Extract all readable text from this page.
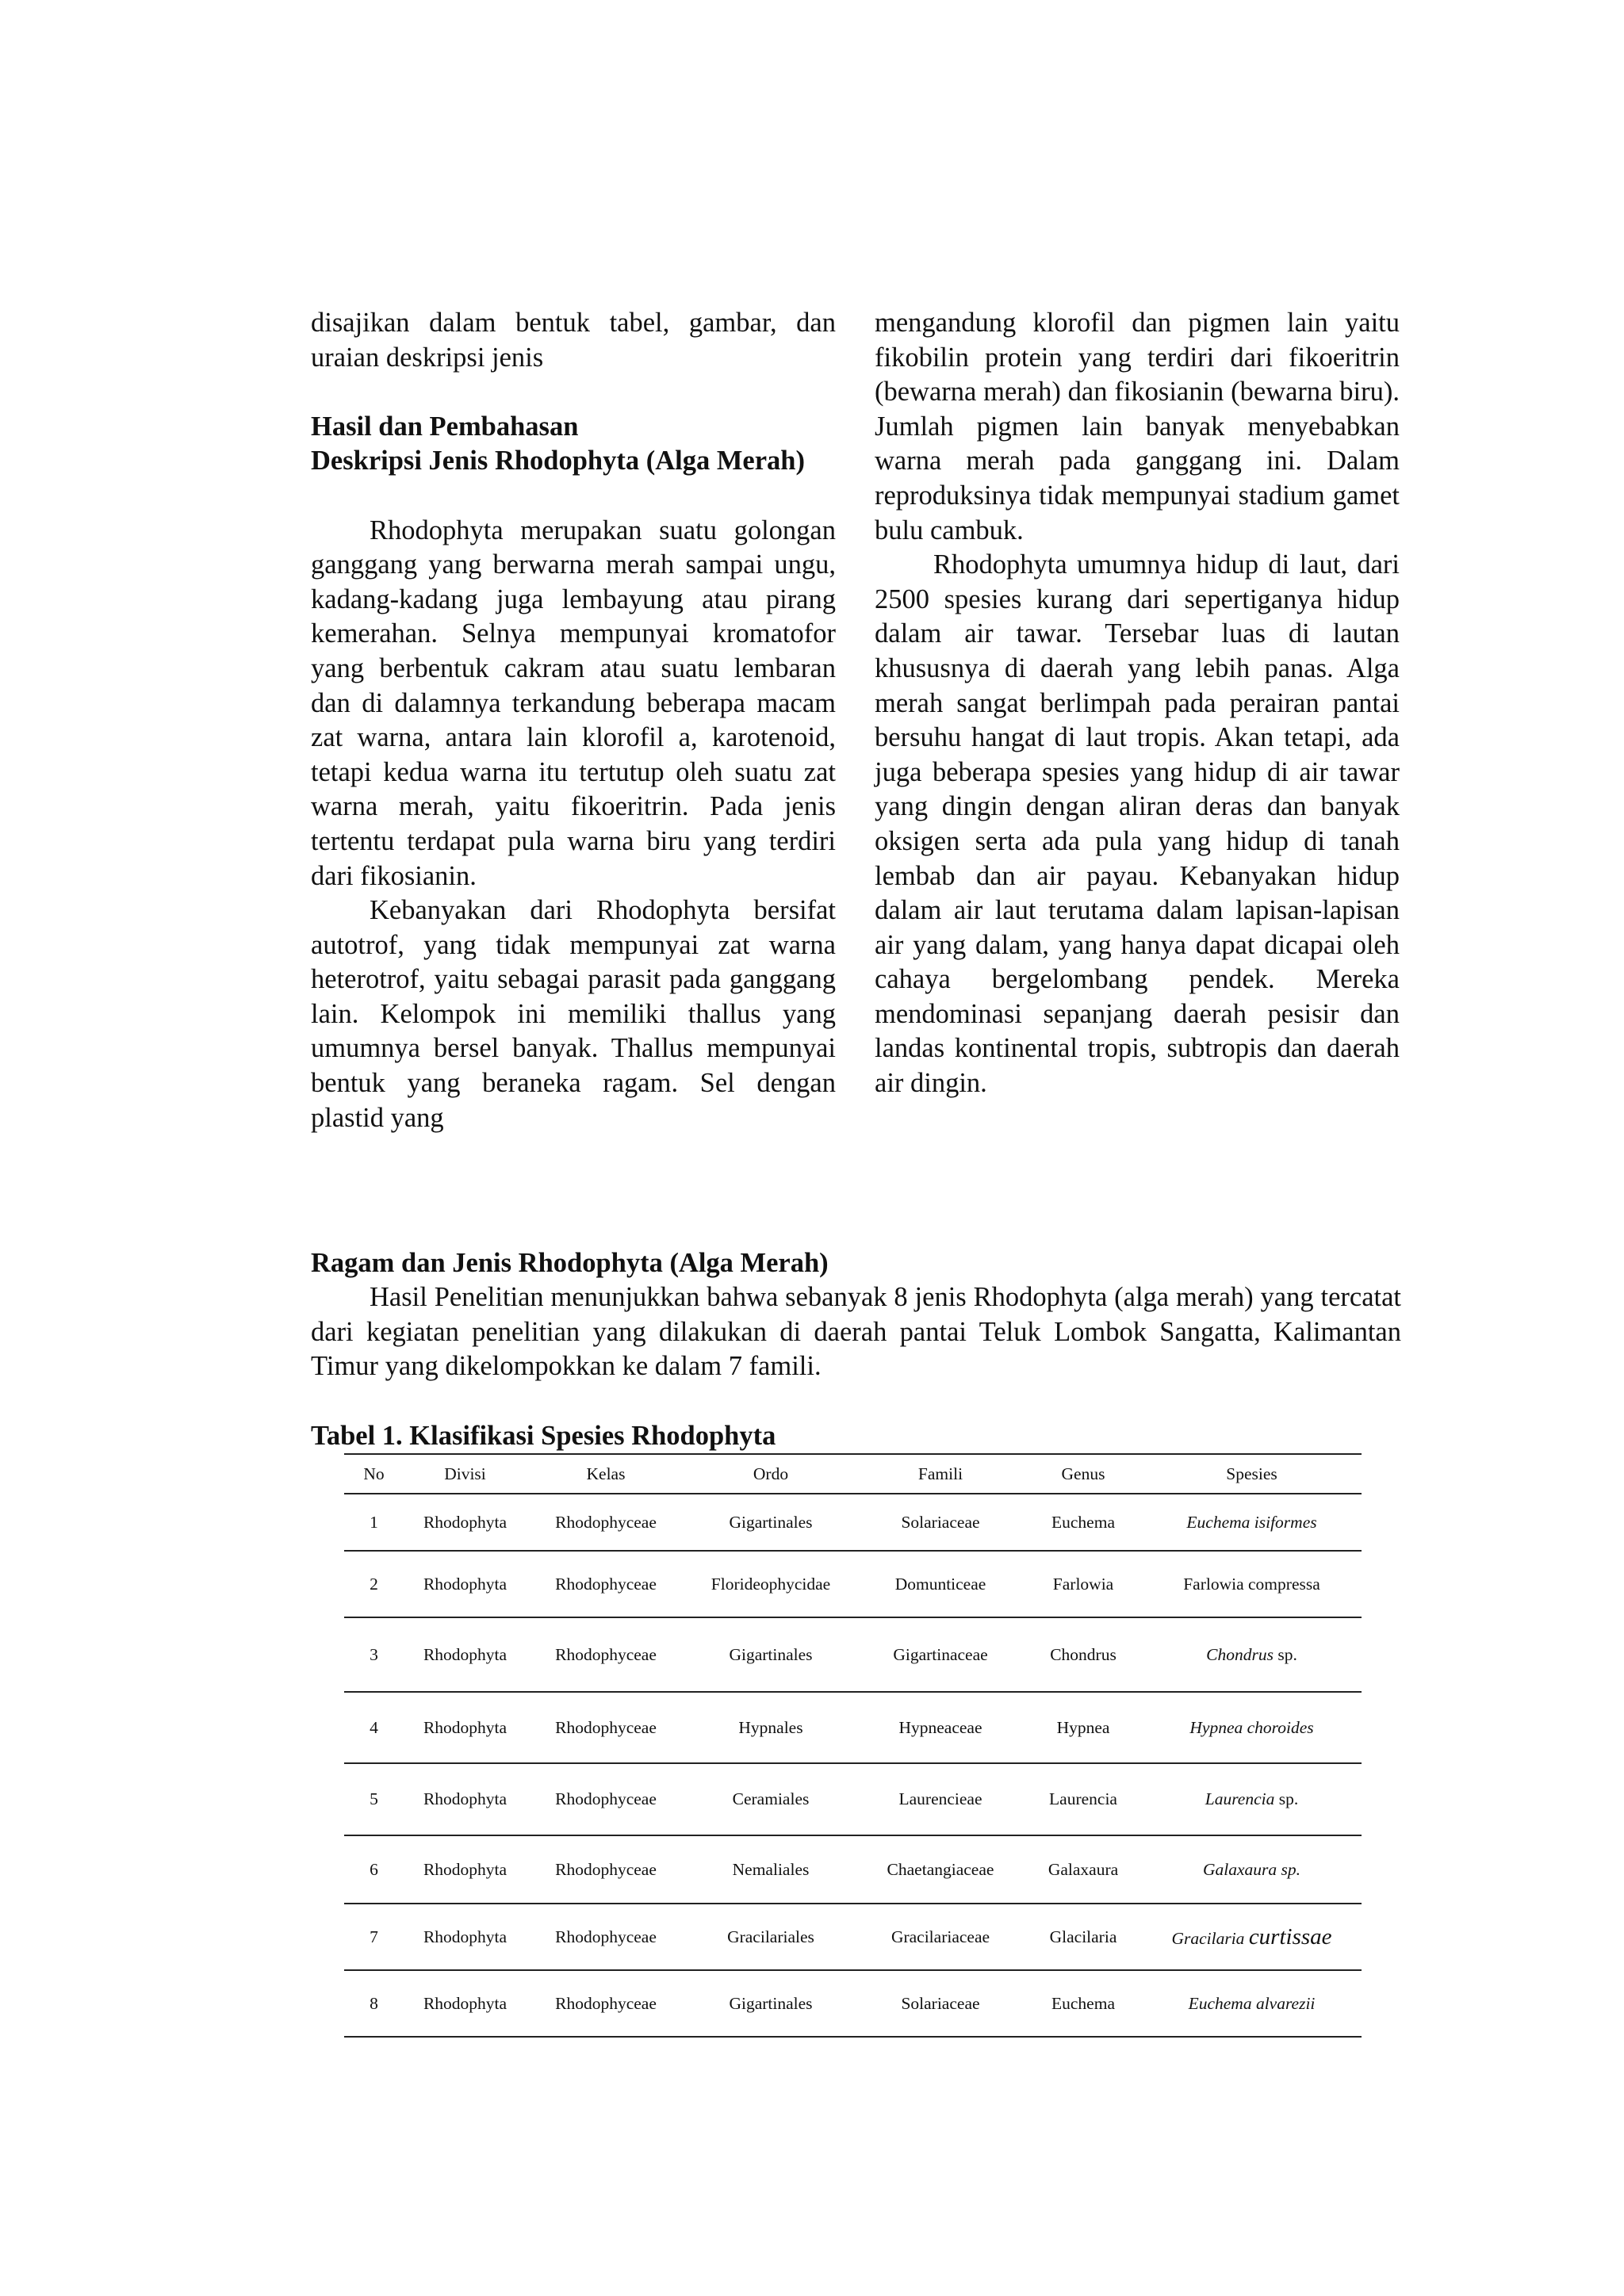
disajikan dalam bentuk tabel, gambar, dan uraian deskripsi jenis

Hasil dan Pembahasan

Deskripsi Jenis Rhodophyta (Alga Merah)

Rhodophyta merupakan suatu golongan ganggang yang berwarna merah sampai ungu, kadang-kadang juga lembayung atau pirang kemerahan. Selnya mempunyai kromatofor yang berbentuk cakram atau suatu lembaran dan di dalamnya terkandung beberapa macam zat warna, antara lain klorofil a, karotenoid, tetapi kedua warna itu tertutup oleh suatu zat warna merah, yaitu fikoeritrin. Pada jenis tertentu terdapat pula warna biru yang terdiri dari fikosianin.

Kebanyakan dari Rhodophyta bersifat autotrof, yang tidak mempunyai zat warna heterotrof, yaitu sebagai parasit pada ganggang lain. Kelompok ini memiliki thallus yang umumnya bersel banyak. Thallus mempunyai bentuk yang beraneka ragam. Sel dengan plastid yang

mengandung klorofil dan pigmen lain yaitu fikobilin protein yang terdiri dari fikoeritrin (bewarna merah) dan fikosianin (bewarna biru). Jumlah pigmen lain banyak menyebabkan warna merah pada ganggang ini. Dalam reproduksinya tidak mempunyai stadium gamet bulu cambuk.

Rhodophyta umumnya hidup di laut, dari 2500 spesies kurang dari sepertiganya hidup dalam air tawar. Tersebar luas di lautan khususnya di daerah yang lebih panas. Alga merah sangat berlimpah pada perairan pantai bersuhu hangat di laut tropis. Akan tetapi, ada juga beberapa spesies yang hidup di air tawar yang dingin dengan aliran deras dan banyak oksigen serta ada pula yang hidup di tanah lembab dan air payau. Kebanyakan hidup dalam air laut terutama dalam lapisan-lapisan air yang dalam, yang hanya dapat dicapai oleh cahaya bergelombang pendek. Mereka mendominasi sepanjang daerah pesisir dan landas kontinental tropis, subtropis dan daerah air dingin.

Ragam dan Jenis Rhodophyta (Alga Merah)
Hasil Penelitian menunjukkan bahwa sebanyak 8 jenis Rhodophyta (alga merah) yang tercatat dari kegiatan penelitian yang dilakukan di daerah pantai Teluk Lombok Sangatta, Kalimantan Timur yang dikelompokkan ke dalam 7 famili.
Tabel 1. Klasifikasi Spesies Rhodophyta
No	Divisi	Kelas	Ordo	Famili	Genus	Spesies
1	Rhodophyta	Rhodophyceae	Gigartinales	Solariaceae	Euchema	Euchema isiformes
2	Rhodophyta	Rhodophyceae	Florideophycidae	Domunticeae	Farlowia	Farlowia compressa
3	Rhodophyta	Rhodophyceae	Gigartinales	Gigartinaceae	Chondrus	Chondrus sp.
4	Rhodophyta	Rhodophyceae	Hypnales	Hypneaceae	Hypnea	Hypnea choroides
5	Rhodophyta	Rhodophyceae	Ceramiales	Laurencieae	Laurencia	Laurencia sp.
6	Rhodophyta	Rhodophyceae	Nemaliales	Chaetangiaceae	Galaxaura	Galaxaura sp.
7	Rhodophyta	Rhodophyceae	Gracilariales	Gracilariaceae	Glacilaria	Gracilaria curtissae
8	Rhodophyta	Rhodophyceae	Gigartinales	Solariaceae	Euchema	Euchema alvarezii
